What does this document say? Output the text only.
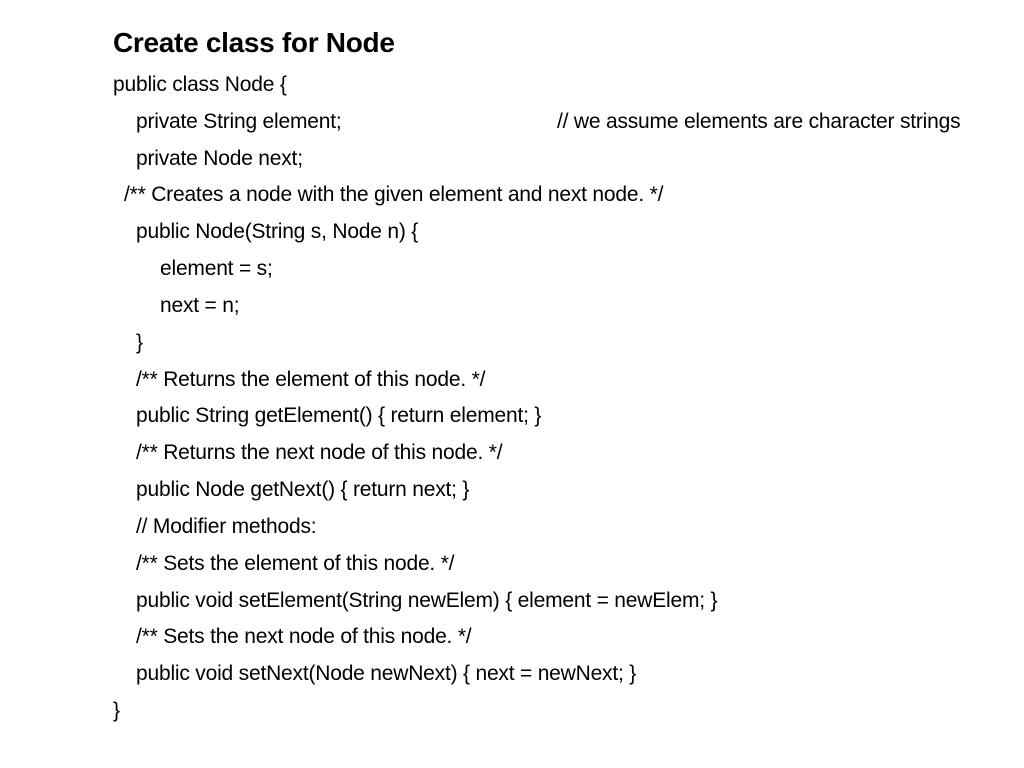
Create class for Node
public class Node {
private String element;	// we assume elements are character strings
private Node next;
/** Creates a node with the given element and next node. */
public Node(String s, Node n) {
element = s;
next = n;
}
/** Returns the element of this node. */
public String getElement() { return element; }
/** Returns the next node of this node. */
public Node getNext() { return next; }
// Modifier methods:
/** Sets the element of this node. */
public void setElement(String newElem) { element = newElem; }
/** Sets the next node of this node. */
public void setNext(Node newNext) { next = newNext; }
}
